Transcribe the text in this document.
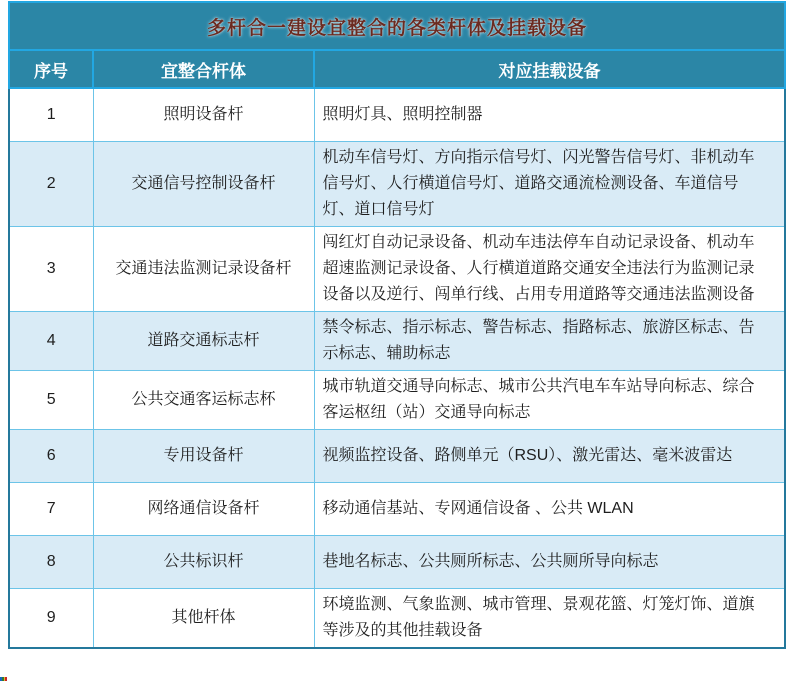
多杆合一建设宜整合的各类杆体及挂载设备		
序号	宜整合杆体	对应挂载设备
1	照明设备杆	照明灯具、照明控制器
2	交通信号控制设备杆	机动车信号灯、方向指示信号灯、闪光警告信号灯、非机动车信号灯、人行横道信号灯、道路交通流检测设备、车道信号灯、道口信号灯
3	交通违法监测记录设备杆	闯红灯自动记录设备、机动车违法停车自动记录设备、机动车超速监测记录设备、人行横道道路交通安全违法行为监测记录设备以及逆行、闯单行线、占用专用道路等交通违法监测设备
4	道路交通标志杆	禁令标志、指示标志、警告标志、指路标志、旅游区标志、告示标志、辅助标志
5	公共交通客运标志杯	城市轨道交通导向标志、城市公共汽电车车站导向标志、综合客运枢纽（站）交通导向标志
6	专用设备杆	视频监控设备、路侧单元（RSU）、激光雷达、毫米波雷达
7	网络通信设备杆	移动通信基站、专网通信设备 、公共 WLAN
8	公共标识杆	巷地名标志、公共厕所标志、公共厕所导向标志
9	其他杆体	环境监测、气象监测、城市管理、景观花篮、灯笼灯饰、道旗等涉及的其他挂载设备
